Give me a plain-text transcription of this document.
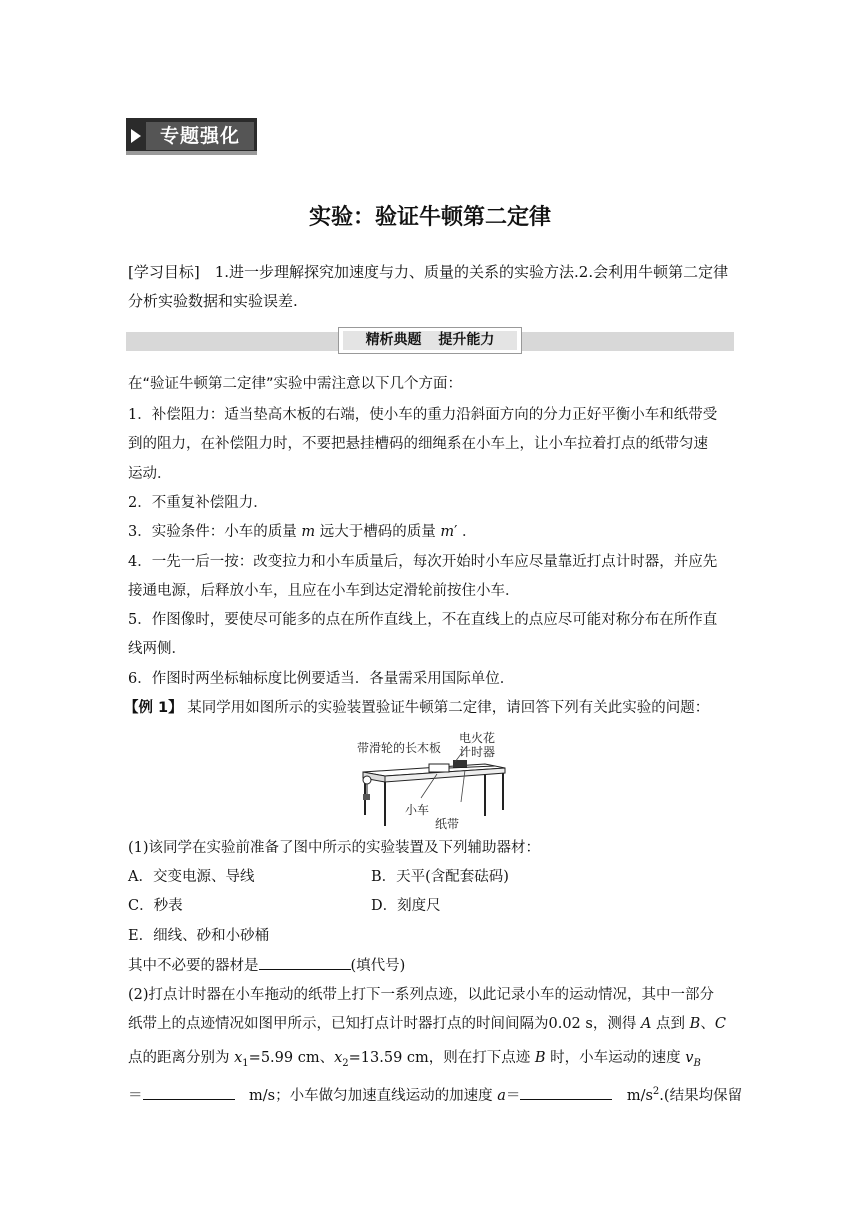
专题强化
实验：验证牛顿第二定律
[学习目标]　1.进一步理解探究加速度与力、质量的关系的实验方法.2.会利用牛顿第二定律分析实验数据和实验误差.
精析典题 提升能力
在“验证牛顿第二定律”实验中需注意以下几个方面：
1．补偿阻力：适当垫高木板的右端，使小车的重力沿斜面方向的分力正好平衡小车和纸带受
到的阻力，在补偿阻力时，不要把悬挂槽码的细绳系在小车上，让小车拉着打点的纸带匀速
运动．
2．不重复补偿阻力．
3．实验条件：小车的质量 m 远大于槽码的质量 m′ ．
4．一先一后一按：改变拉力和小车质量后，每次开始时小车应尽量靠近打点计时器，并应先
接通电源，后释放小车，且应在小车到达定滑轮前按住小车．
5．作图像时，要使尽可能多的点在所作直线上，不在直线上的点应尽可能对称分布在所作直
线两侧．
6．作图时两坐标轴标度比例要适当．各量需采用国际单位．
【例 1】 某同学用如图所示的实验装置验证牛顿第二定律，请回答下列有关此实验的问题：
带滑轮的长木板
电火花
计时器
小车
纸带
(1)该同学在实验前准备了图中所示的实验装置及下列辅助器材：
A．交变电源、导线	B．天平(含配套砝码)
C．秒表	D．刻度尺
E．细线、砂和小砂桶
其中不必要的器材是	(填代号)
(2)打点计时器在小车拖动的纸带上打下一系列点迹，以此记录小车的运动情况，其中一部分
纸带上的点迹情况如图甲所示，已知打点计时器打点的时间间隔为0.02 s，测得 A 点到 B、C
点的距离分别为 $x_1=5.99$ cm、$x_2=13.59$ cm，则在打下点迹 B 时，小车运动的速度 $v_B$
＝　	m/s；小车做匀加速直线运动的加速度 a＝　	$m/s^2$.(结果均保留
